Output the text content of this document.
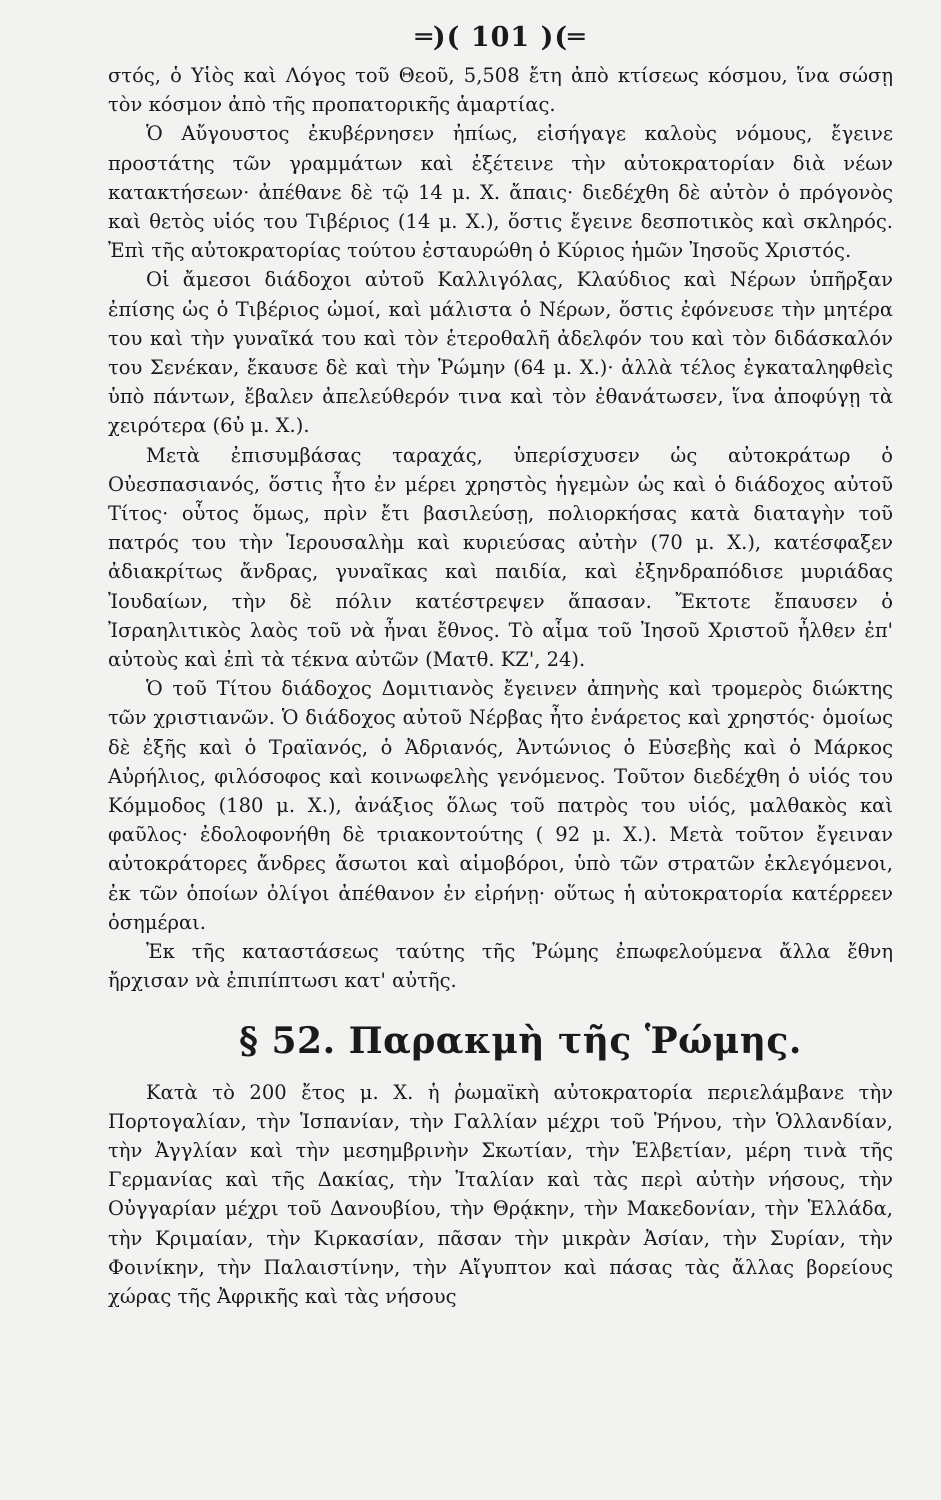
═)( 101 )(═

στός, ὁ Υἱὸς καὶ Λόγος τοῦ Θεοῦ, 5,508 ἔτη ἀπὸ κτίσεως κόσμου, ἵνα σώσῃ τὸν κόσμον ἀπὸ τῆς προπατορικῆς ἁμαρτίας.

Ὁ Αὔγουστος ἐκυβέρνησεν ἠπίως, εἰσήγαγε καλοὺς νόμους, ἔγεινε προστάτης τῶν γραμμάτων καὶ ἐξέτεινε τὴν αὐτοκρατορίαν διὰ νέων κατακτήσεων· ἀπέθανε δὲ τῷ 14 μ. Χ. ἄπαις· διεδέχθη δὲ αὐτὸν ὁ πρόγονὸς καὶ θετὸς υἱός του Τιβέριος (14 μ. Χ.), ὅστις ἔγεινε δεσποτικὸς καὶ σκληρός. Ἐπὶ τῆς αὐτοκρατορίας τούτου ἐσταυρώθη ὁ Κύριος ἡμῶν Ἰησοῦς Χριστός.

Οἱ ἄμεσοι διάδοχοι αὐτοῦ Καλλιγόλας, Κλαύδιος καὶ Νέρων ὑπῆρξαν ἐπίσης ὡς ὁ Τιβέριος ὠμοί, καὶ μάλιστα ὁ Νέρων, ὅστις ἐφόνευσε τὴν μητέρα του καὶ τὴν γυναῖκά του καὶ τὸν ἑτεροθαλῆ ἀδελφόν του καὶ τὸν διδάσκαλόν του Σενέκαν, ἔκαυσε δὲ καὶ τὴν Ῥώμην (64 μ. Χ.)· ἀλλὰ τέλος ἐγκαταληφθεὶς ὑπὸ πάντων, ἔβαλεν ἀπελεύθερόν τινα καὶ τὸν ἐθανάτωσεν, ἵνα ἀποφύγῃ τὰ χειρότερα (6ὐ μ. Χ.).

Μετὰ ἐπισυμβάσας ταραχάς, ὑπερίσχυσεν ὡς αὐτοκράτωρ ὁ Οὐεσπασιανός, ὅστις ἦτο ἐν μέρει χρηστὸς ἡγεμὼν ὡς καὶ ὁ διάδοχος αὐτοῦ Τίτος· οὗτος ὅμως, πρὶν ἔτι βασιλεύσῃ, πολιορκήσας κατὰ διαταγὴν τοῦ πατρός του τὴν Ἱερουσαλὴμ καὶ κυριεύσας αὐτὴν (70 μ. Χ.), κατέσφαξεν ἀδιακρίτως ἄνδρας, γυναῖκας καὶ παιδία, καὶ ἐξηνδραπόδισε μυριάδας Ἰουδαίων, τὴν δὲ πόλιν κατέστρεψεν ἅπασαν. Ἔκτοτε ἔπαυσεν ὁ Ἰσραηλιτικὸς λαὸς τοῦ νὰ ἦναι ἔθνος. Τὸ αἷμα τοῦ Ἰησοῦ Χριστοῦ ἦλθεν ἐπ' αὐτοὺς καὶ ἐπὶ τὰ τέκνα αὐτῶν (Ματθ. ΚΖ', 24).

Ὁ τοῦ Τίτου διάδοχος Δομιτιανὸς ἔγεινεν ἀπηνὴς καὶ τρομερὸς διώκτης τῶν χριστιανῶν. Ὁ διάδοχος αὐτοῦ Νέρβας ἦτο ἐνάρετος καὶ χρηστός· ὁμοίως δὲ ἐξῆς καὶ ὁ Τραϊανός, ὁ Ἀδριανός, Ἀντώνιος ὁ Εὐσεβὴς καὶ ὁ Μάρκος Αὐρήλιος, φιλόσοφος καὶ κοινωφελὴς γενόμενος. Τοῦτον διεδέχθη ὁ υἱός του Κόμμοδος (180 μ. Χ.), ἀνάξιος ὅλως τοῦ πατρὸς του υἱός, μαλθακὸς καὶ φαῦλος· ἐδολοφονήθη δὲ τριακοντούτης ( 92 μ. Χ.). Μετὰ τοῦτον ἔγειναν αὐτοκράτορες ἄνδρες ἄσωτοι καὶ αἱμοβόροι, ὑπὸ τῶν στρατῶν ἐκλεγόμενοι, ἐκ τῶν ὁποίων ὀλίγοι ἀπέθανον ἐν εἰρήνῃ· οὕτως ἡ αὐτοκρατορία κατέρρεεν ὁσημέραι.

Ἐκ τῆς καταστάσεως ταύτης τῆς Ῥώμης ἐπωφελούμενα ἄλλα ἔθνη ἤρχισαν νὰ ἐπιπίπτωσι κατ' αὐτῆς.

§ 52. Παρακμὴ τῆς Ῥώμης.

Κατὰ τὸ 200 ἔτος μ. Χ. ἡ ῥωμαϊκὴ αὐτοκρατορία περιελάμβανε τὴν Πορτογαλίαν, τὴν Ἱσπανίαν, τὴν Γαλλίαν μέχρι τοῦ Ῥήνου, τὴν Ὁλλανδίαν, τὴν Ἀγγλίαν καὶ τὴν μεσημβρινὴν Σκωτίαν, τὴν Ἑλβετίαν, μέρη τινὰ τῆς Γερμανίας καὶ τῆς Δακίας, τὴν Ἰταλίαν καὶ τὰς περὶ αὐτὴν νήσους, τὴν Οὐγγαρίαν μέχρι τοῦ Δανουβίου, τὴν Θρᾴκην, τὴν Μακεδονίαν, τὴν Ἑλλάδα, τὴν Κριμαίαν, τὴν Κιρκασίαν, πᾶσαν τὴν μικρὰν Ἀσίαν, τὴν Συρίαν, τὴν Φοινίκην, τὴν Παλαιστίνην, τὴν Αἴγυπτον καὶ πάσας τὰς ἄλλας βορείους χώρας τῆς Ἀφρικῆς καὶ τὰς νήσους
